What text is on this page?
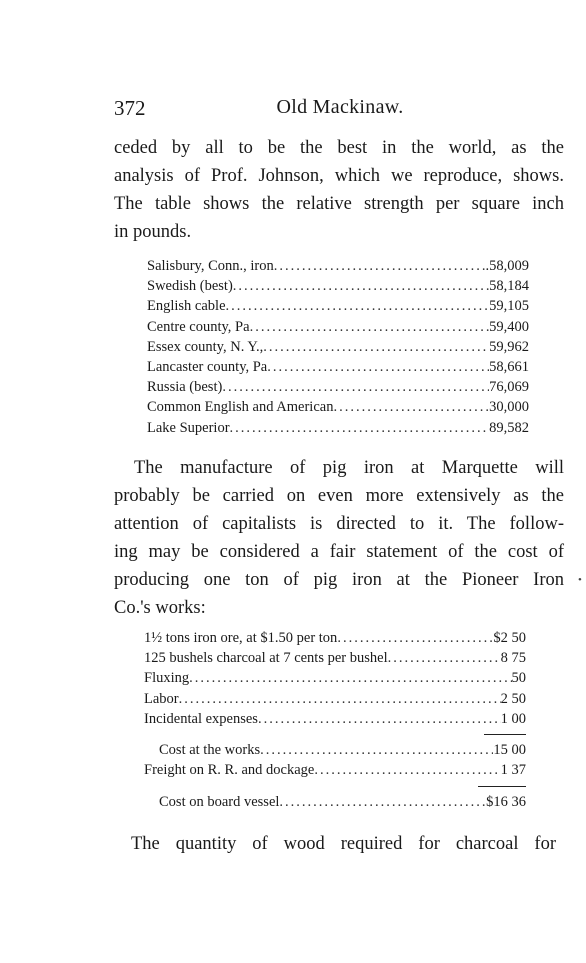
372	Old Mackinaw.

ceded by all to be the best in the world, as the
analysis of Prof. Johnson, which we reproduce, shows.
The table shows the relative strength per square inch
in pounds.

Salisbury, Conn., iron .....	.58,009
Swedish (best) .....	58,184
English cable .....	59,105
Centre county, Pa .....	59,400
Essex county, N. Y., .....	59,962
Lancaster county, Pa .....	58,661
Russia (best) .....	76,069
Common English and American .....	30,000
Lake Superior .....	89,582

The manufacture of pig iron at Marquette will
probably be carried on even more extensively as the
attention of capitalists is directed to it. The follow-
ing may be considered a fair statement of the cost of
producing one ton of pig iron at the Pioneer Iron
Co.'s works:

1½ tons iron ore, at $1.50 per ton .....	$2 50
125 bushels charcoal at 7 cents per bushel .....	8 75
Fluxing .....	50
Labor .....	2 50
Incidental expenses .....	1 00
Cost at the works .....	15 00
Freight on R. R. and dockage .....	1 37
Cost on board vessel .....	$16 36

The quantity of wood required for charcoal for

•
